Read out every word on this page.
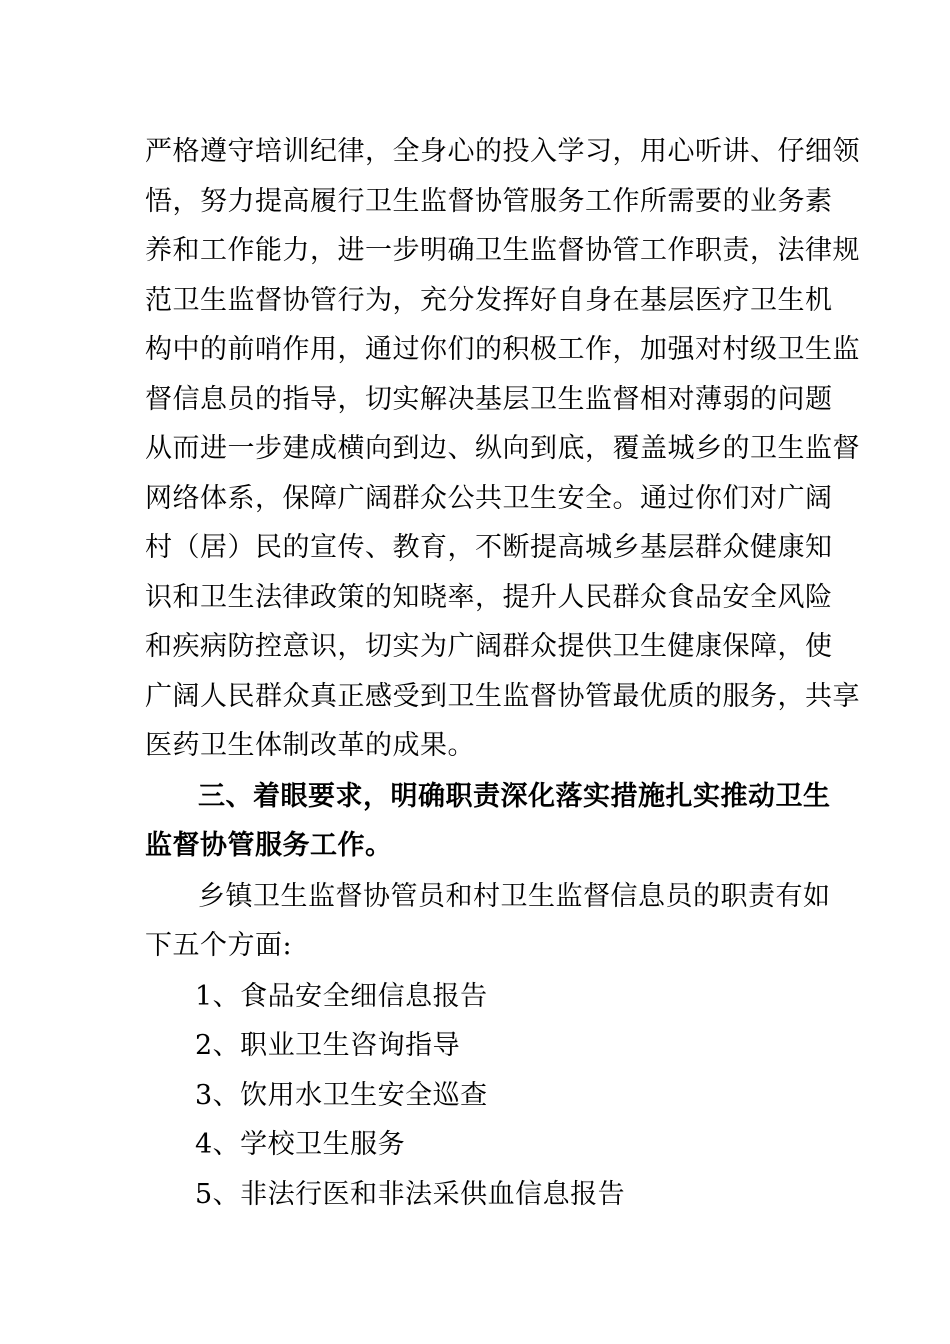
严格遵守培训纪律，全身心的投入学习，用心听讲、仔细领
悟，努力提高履行卫生监督协管服务工作所需要的业务素
养和工作能力，进一步明确卫生监督协管工作职责，法律规
范卫生监督协管行为，充分发挥好自身在基层医疗卫生机
构中的前哨作用，通过你们的积极工作，加强对村级卫生监
督信息员的指导，切实解决基层卫生监督相对薄弱的问题
从而进一步建成横向到边、纵向到底，覆盖城乡的卫生监督
网络体系，保障广阔群众公共卫生安全。通过你们对广阔
村（居）民的宣传、教育，不断提高城乡基层群众健康知
识和卫生法律政策的知晓率，提升人民群众食品安全风险
和疾病防控意识，切实为广阔群众提供卫生健康保障，使
广阔人民群众真正感受到卫生监督协管最优质的服务，共享
医药卫生体制改革的成果。
三、着眼要求，明确职责深化落实措施扎实推动卫生
监督协管服务工作。
乡镇卫生监督协管员和村卫生监督信息员的职责有如
下五个方面:
1、食品安全细信息报告
2、职业卫生咨询指导
3、饮用水卫生安全巡查
4、学校卫生服务
5、非法行医和非法采供血信息报告
